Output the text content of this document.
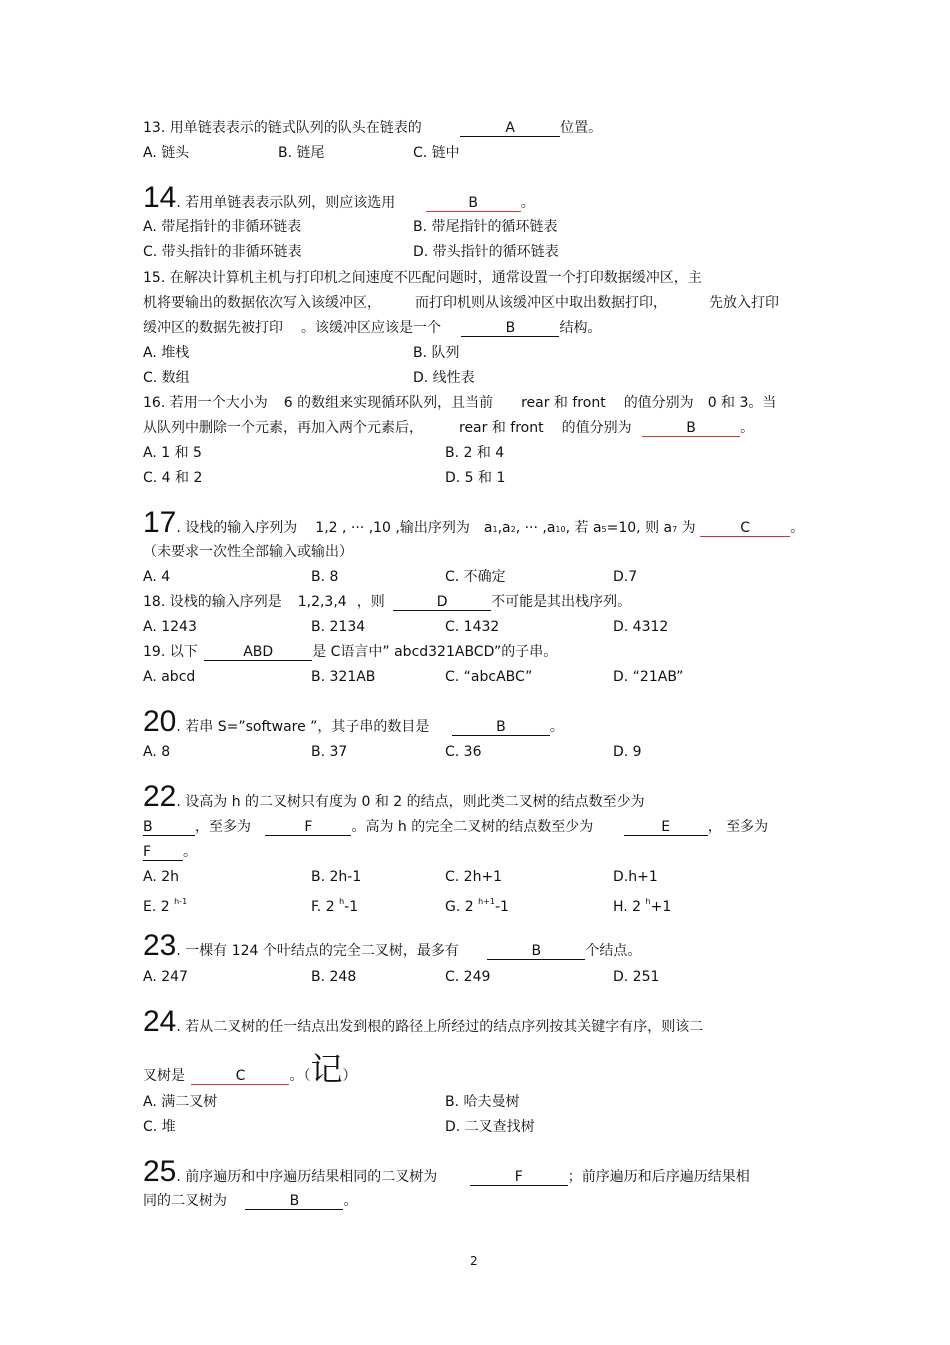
13. 用单链表表示的链式队列的队头在链表的	A	位置。
A. 链头	B. 链尾	C. 链中
14. 若用单链表表示队列，则应该选用	B	。
A. 带尾指针的非循环链表	B. 带尾指针的循环链表
C. 带头指针的非循环链表	D. 带头指针的循环链表
15. 在解决计算机主机与打印机之间速度不匹配问题时，通常设置一个打印数据缓冲区，主
机将要输出的数据依次写入该缓冲区， 而打印机则从该缓冲区中取出数据打印，	先放入打印
缓冲区的数据先被打印 。该缓冲区应该是一个	B	结构。
A. 堆栈	B. 队列
C. 数组	D. 线性表
16. 若用一个大小为 6 的数组来实现循环队列，且当前 rear 和 front 的值分别为 0 和 3。当
从队列中删除一个元素，再加入两个元素后，	rear 和 front 的值分别为	B	。
A. 1 和 5	B. 2 和 4
C. 4 和 2	D. 5 和 1
17. 设栈的输入序列为 1,2 , ··· ,10 ,输出序列为 a1,a2, ··· ,a10, 若 a5=10, 则 a7 为	C	。
（未要求一次性全部输入或输出）
A. 4	B. 8	C. 不确定	D.7
18. 设栈的输入序列是 1,2,3,4 ，则	D	不可能是其出栈序列。
A. 1243	B. 2134	C. 1432	D. 4312
19. 以下	ABD	是 C语言中” abcd321ABCD”的子串。
A. abcd	B. 321AB	C. “abcABC”	D. “21AB”
20. 若串 S=”software ”，其子串的数目是	B	。
A. 8	B. 37	C. 36	D. 9
22. 设高为 h 的二叉树只有度为 0 和 2 的结点，则此类二叉树的结点数至少为
B	，至多为	F	。高为 h 的完全二叉树的结点数至少为	E	， 至多为
F 。
A. 2h	B. 2h-1	C. 2h+1	D.h+1
E. 2 $^{h-1}$	F. 2 $^h$-1	G. 2 $^{h+1}$-1	H. 2 $^h$+1
23. 一棵有 124 个叶结点的完全二叉树，最多有	B	个结点。
A. 247	B. 248	C. 249	D. 251
24. 若从二叉树的任一结点出发到根的路径上所经过的结点序列按其关键字有序，则该二
叉树是	C	。（记）
A. 满二叉树	B. 哈夫曼树
C. 堆	D. 二叉查找树
25. 前序遍历和中序遍历结果相同的二叉树为	F	；前序遍历和后序遍历结果相
同的二叉树为	B	。
2
